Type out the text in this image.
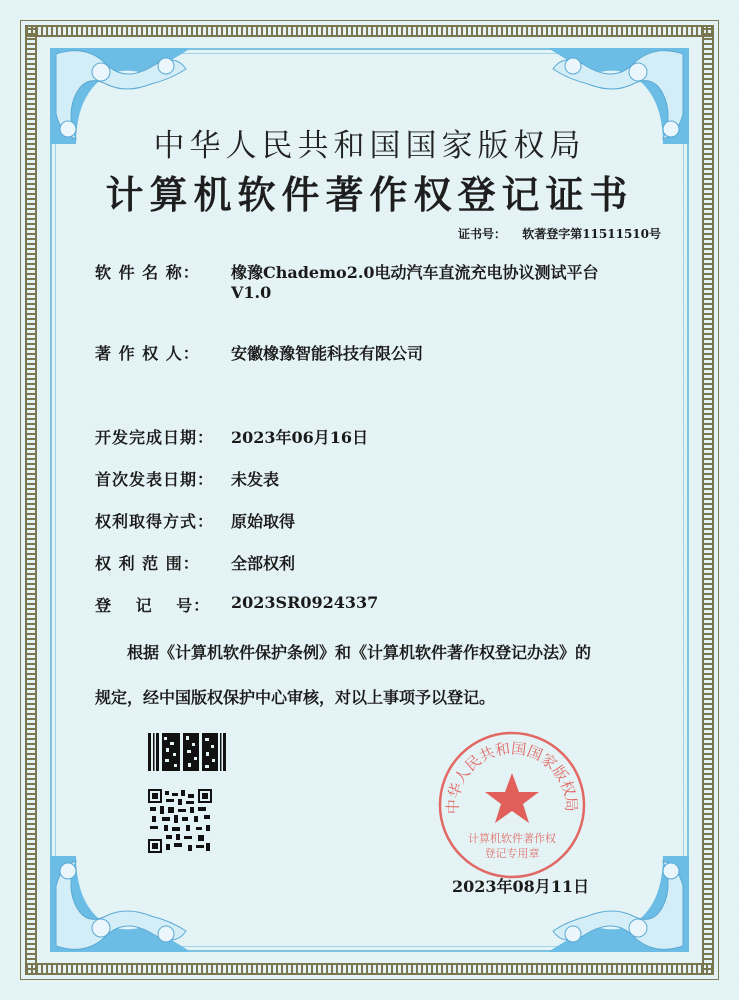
中华人民共和国国家版权局
计算机软件著作权登记证书
证书号： 软著登字第11511510号
软 件 名 称：	橡豫Chademo2.0电动汽车直流充电协议测试平台
V1.0
著 作 权 人：	安徽橡豫智能科技有限公司
开发完成日期：	2023年06月16日
首次发表日期：	未发表
权利取得方式：	原始取得
权 利 范 围：	全部权利
登　 记　 号：	2023SR0924337
根据《计算机软件保护条例》和《计算机软件著作权登记办法》的
规定，经中国版权保护中心审核，对以上事项予以登记。
中华人民共和国国家版权局
计算机软件著作权
登记专用章
2023年08月11日
